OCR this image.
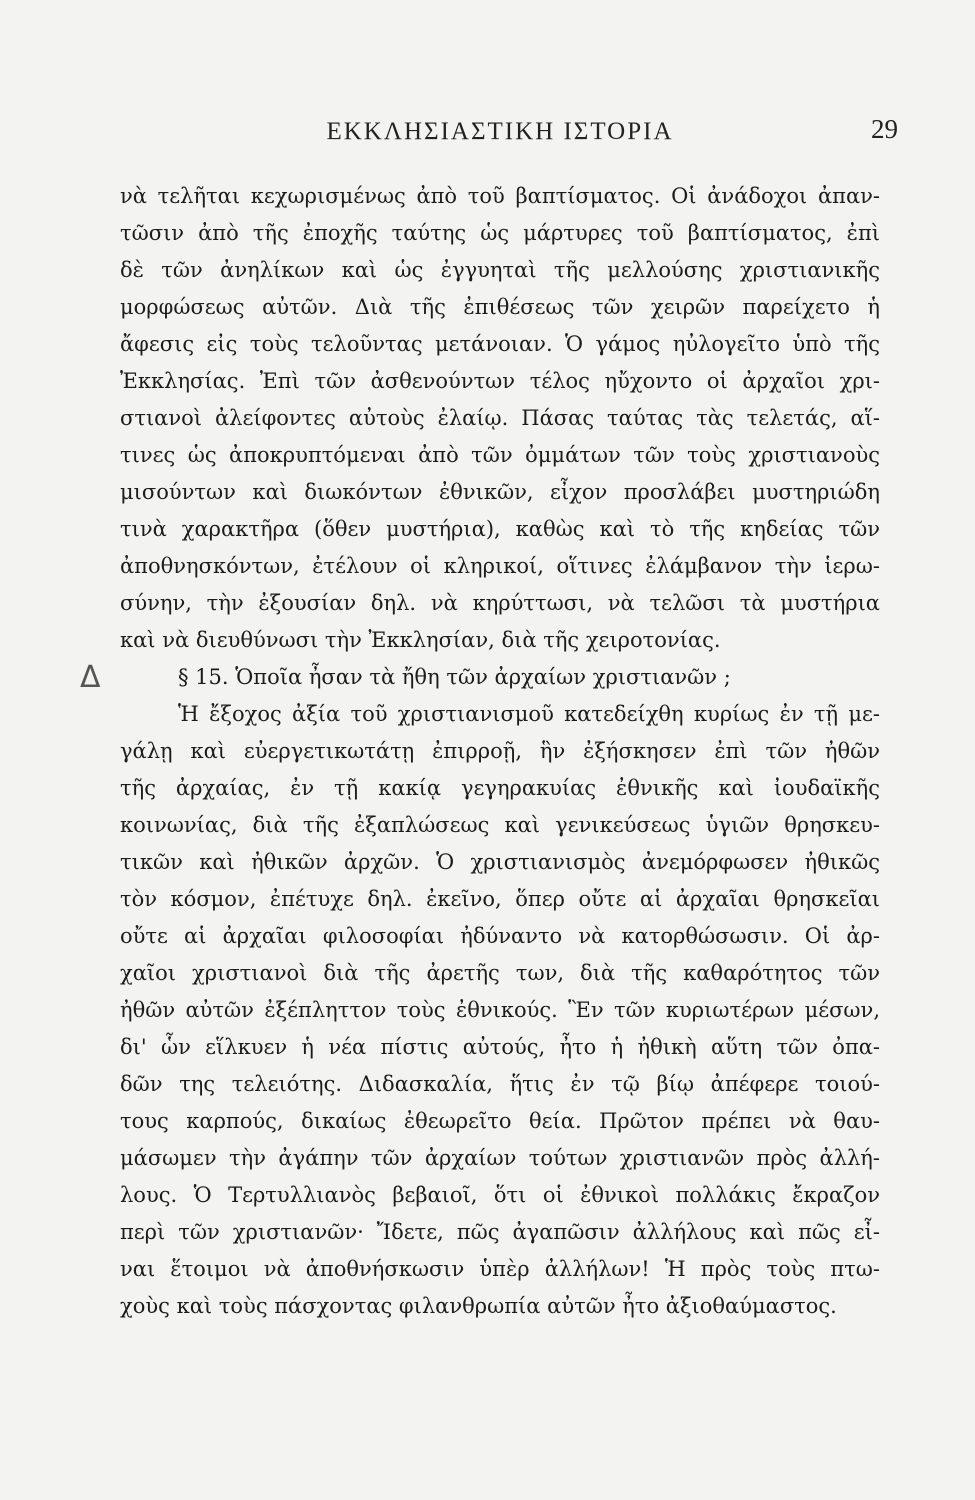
ΕΚΚΛΗΣΙΑΣΤΙΚΗ ΙΣΤΟΡΙΑ	29
Δ
νὰ τελῆται κεχωρισμένως ἀπὸ τοῦ βαπτίσματος. Οἱ ἀνάδοχοι ἀπαν-
τῶσιν ἀπὸ τῆς ἐποχῆς ταύτης ὡς μάρτυρες τοῦ βαπτίσματος, ἐπὶ
δὲ τῶν ἀνηλίκων καὶ ὡς ἐγγυηταὶ τῆς μελλούσης χριστιανικῆς
μορφώσεως αὐτῶν. Διὰ τῆς ἐπιθέσεως τῶν χειρῶν παρείχετο ἡ
ἄφεσις εἰς τοὺς τελοῦντας μετάνοιαν. Ὁ γάμος ηὐλογεῖτο ὑπὸ τῆς
Ἐκκλησίας. Ἐπὶ τῶν ἀσθενούντων τέλος ηὔχοντο οἱ ἀρχαῖοι χρι-
στιανοὶ ἀλείφοντες αὐτοὺς ἐλαίῳ. Πάσας ταύτας τὰς τελετάς, αἵ-
τινες ὡς ἀποκρυπτόμεναι ἀπὸ τῶν ὀμμάτων τῶν τοὺς χριστιανοὺς
μισούντων καὶ διωκόντων ἐθνικῶν, εἶχον προσλάβει μυστηριώδη
τινὰ χαρακτῆρα (ὅθεν μυστήρια), καθὼς καὶ τὸ τῆς κηδείας τῶν
ἀποθνησκόντων, ἐτέλουν οἱ κληρικοί, οἵτινες ἐλάμβανον τὴν ἱερω-
σύνην, τὴν ἐξουσίαν δηλ. νὰ κηρύττωσι, νὰ τελῶσι τὰ μυστήρια
καὶ νὰ διευθύνωσι τὴν Ἐκκλησίαν, διὰ τῆς χειροτονίας.
§ 15. Ὁποῖα ἦσαν τὰ ἤθη τῶν ἀρχαίων χριστιανῶν ;
Ἡ ἔξοχος ἀξία τοῦ χριστιανισμοῦ κατεδείχθη κυρίως ἐν τῇ με-
γάλῃ καὶ εὐεργετικωτάτῃ ἐπιρροῇ, ἣν ἐξήσκησεν ἐπὶ τῶν ἠθῶν
τῆς ἀρχαίας, ἐν τῇ κακίᾳ γεγηρακυίας ἐθνικῆς καὶ ἰουδαϊκῆς
κοινωνίας, διὰ τῆς ἐξαπλώσεως καὶ γενικεύσεως ὑγιῶν θρησκευ-
τικῶν καὶ ἠθικῶν ἀρχῶν. Ὁ χριστιανισμὸς ἀνεμόρφωσεν ἠθικῶς
τὸν κόσμον, ἐπέτυχε δηλ. ἐκεῖνο, ὅπερ οὔτε αἱ ἀρχαῖαι θρησκεῖαι
οὔτε αἱ ἀρχαῖαι φιλοσοφίαι ἠδύναντο νὰ κατορθώσωσιν. Οἱ ἀρ-
χαῖοι χριστιανοὶ διὰ τῆς ἀρετῆς των, διὰ τῆς καθαρότητος τῶν
ἠθῶν αὐτῶν ἐξέπληττον τοὺς ἐθνικούς. Ἓν τῶν κυριωτέρων μέσων,
δι' ὧν εἵλκυεν ἡ νέα πίστις αὐτούς, ἦτο ἡ ἠθικὴ αὕτη τῶν ὀπα-
δῶν της τελειότης. Διδασκαλία, ἥτις ἐν τῷ βίῳ ἀπέφερε τοιού-
τους καρπούς, δικαίως ἐθεωρεῖτο θεία. Πρῶτον πρέπει νὰ θαυ-
μάσωμεν τὴν ἀγάπην τῶν ἀρχαίων τούτων χριστιανῶν πρὸς ἀλλή-
λους. Ὁ Τερτυλλιανὸς βεβαιοῖ, ὅτι οἱ ἐθνικοὶ πολλάκις ἔκραζον
περὶ τῶν χριστιανῶν· Ἴδετε, πῶς ἀγαπῶσιν ἀλλήλους καὶ πῶς εἶ-
ναι ἕτοιμοι νὰ ἀποθνήσκωσιν ὑπὲρ ἀλλήλων! Ἡ πρὸς τοὺς πτω-
χοὺς καὶ τοὺς πάσχοντας φιλανθρωπία αὐτῶν ἦτο ἀξιοθαύμαστος.
